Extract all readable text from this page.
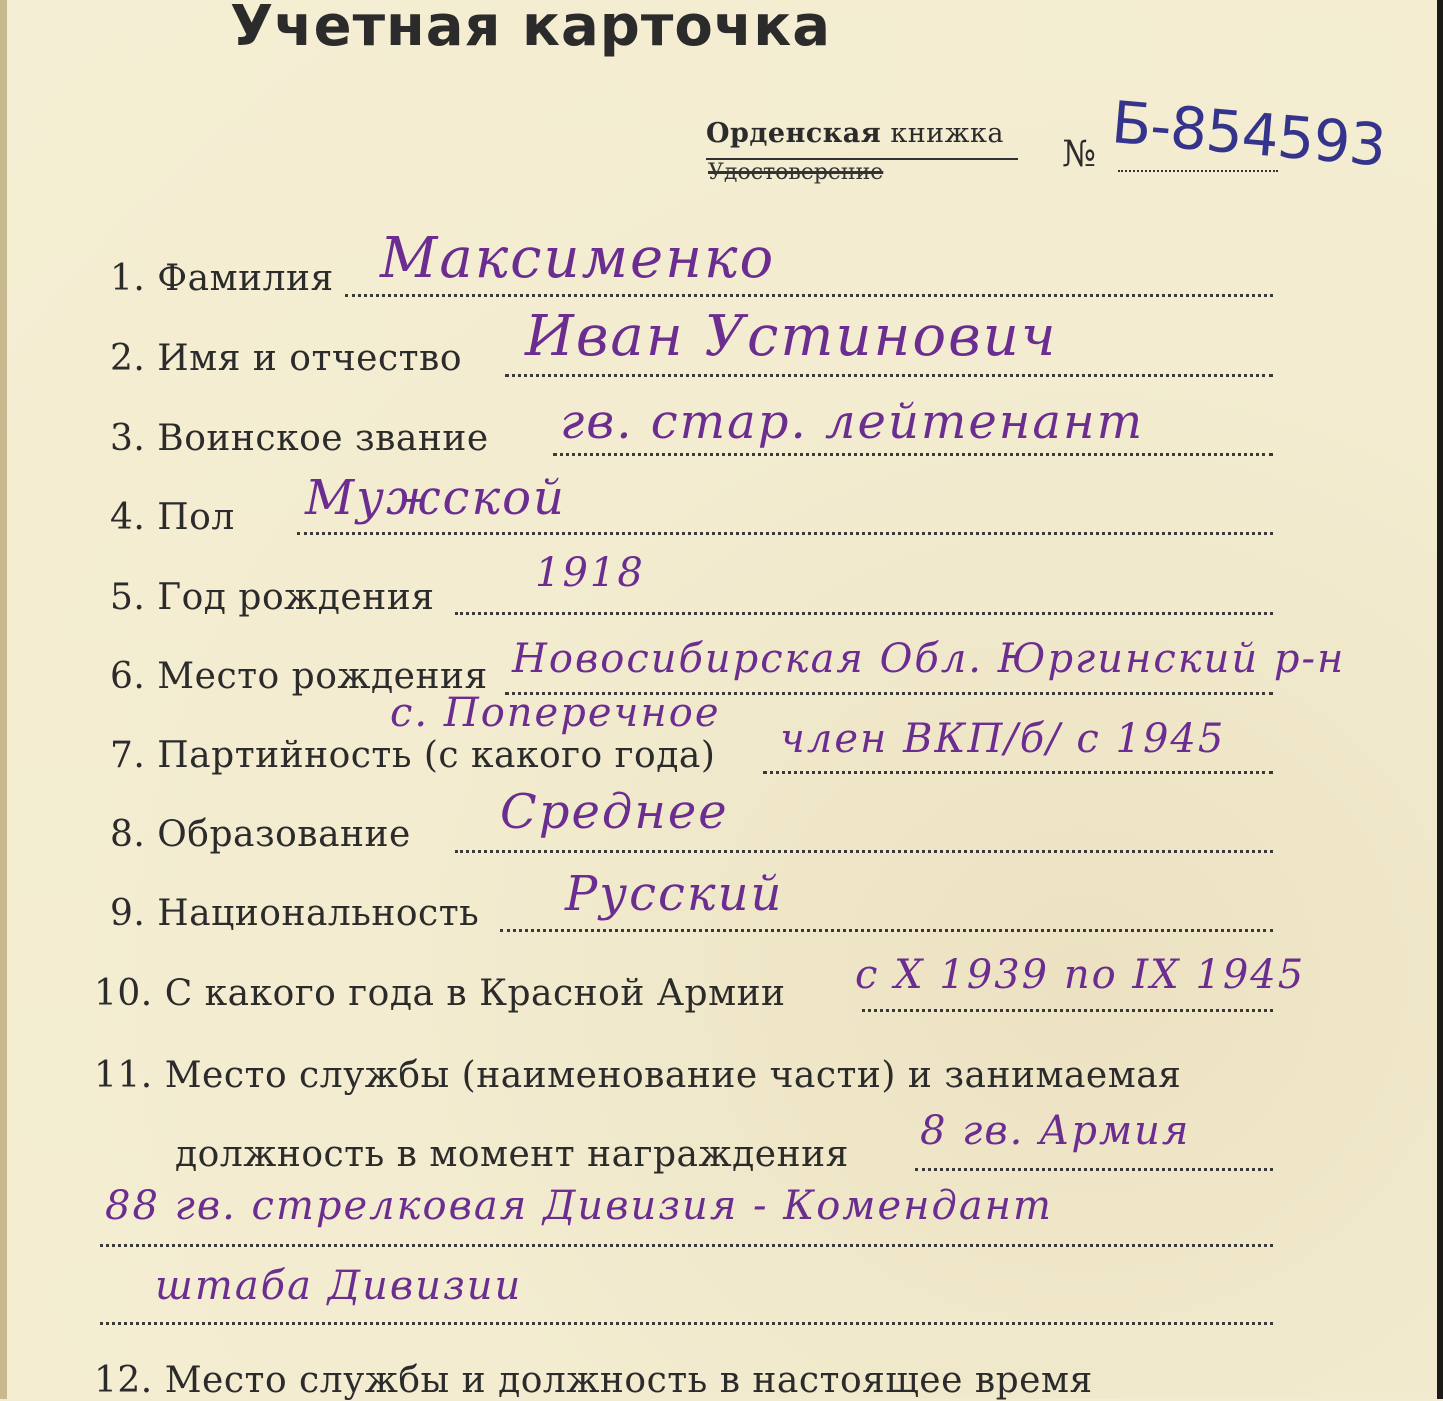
Учетная карточка
Орденская книжка
Удостоверение	№ Б-854593
1. Фамилия Максименко
2. Имя и отчество Иван Устинович
3. Воинское звание гв. стар. лейтенант
4. Пол Мужской
5. Год рождения
1918
6. Место рождения Новосибирская Обл. Юргинский р-н
с. Поперечное
7. Партийность (с какого года) член ВКП/б/ с 1945
8. Образование Среднее
9. Национальность Русский
10. С какого года в Красной Армии с X 1939 по IX 1945
11. Место службы (наименование части) и занимаемая
должность в момент награждения
8 гв. Армия
88 гв. стрелковая Дивизия - Комендант
штаба Дивизии
12. Место службы и должность в настоящее время
